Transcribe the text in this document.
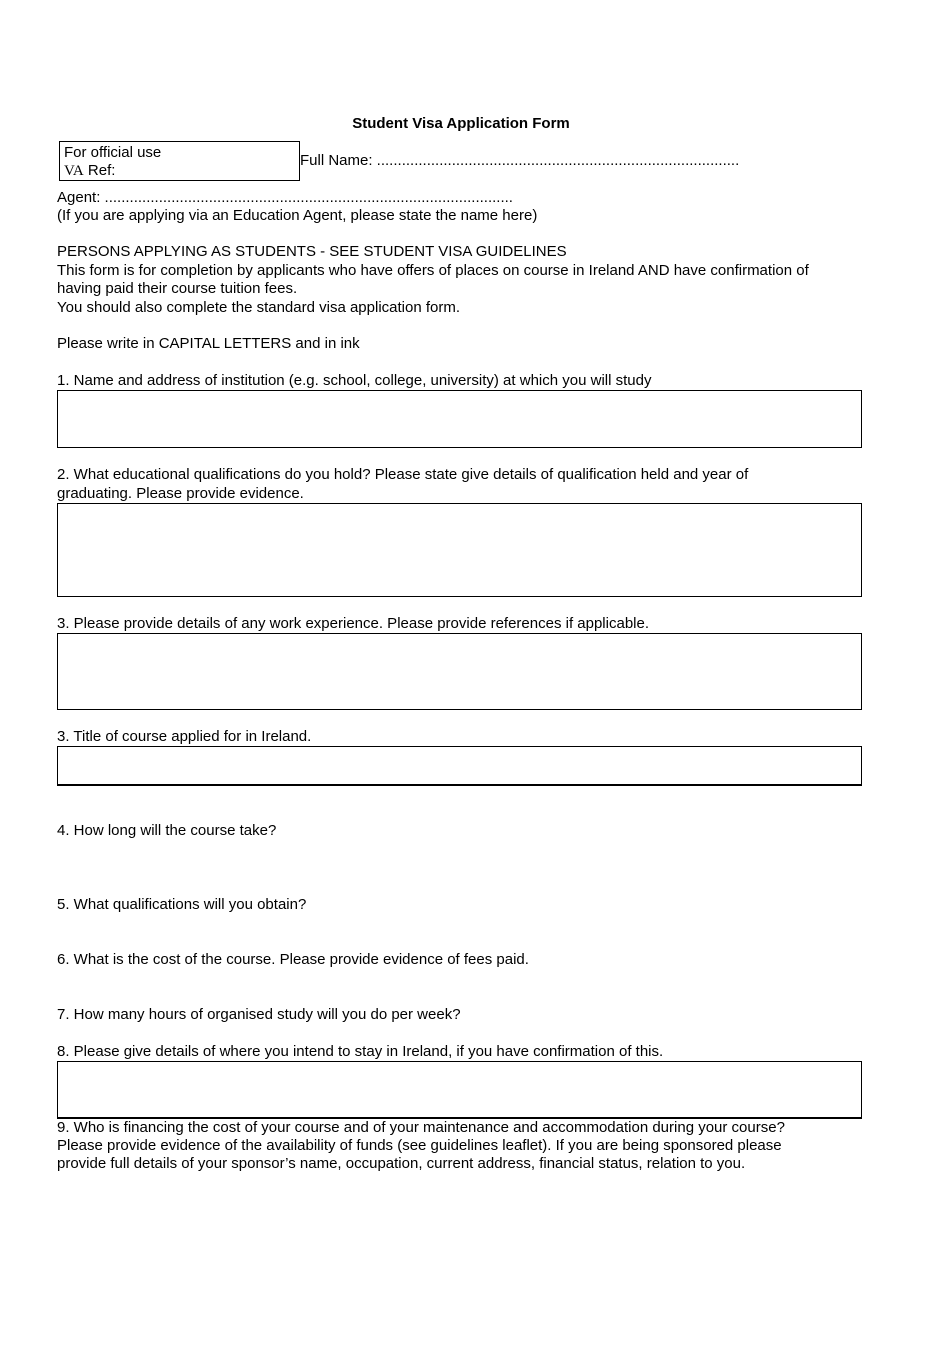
Student Visa Application Form
For official use
VA Ref:
Full Name: .......................................................................................
Agent: ..................................................................................................
(If you are applying via an Education Agent, please state the name here)
PERSONS APPLYING AS STUDENTS - SEE STUDENT VISA GUIDELINES
This form is for completion by applicants who have offers of places on course in Ireland AND have confirmation of
having paid their course tuition fees.
You should also complete the standard visa application form.
Please write in CAPITAL LETTERS and in ink
1. Name and address of institution (e.g. school, college, university) at which you will study
2. What educational qualifications do you hold? Please state give details of qualification held and year of
graduating. Please provide evidence.
3. Please provide details of any work experience. Please provide references if applicable.
3. Title of course applied for in Ireland.
4. How long will the course take?
5. What qualifications will you obtain?
6. What is the cost of the course. Please provide evidence of fees paid.
7. How many hours of organised study will you do per week?
8. Please give details of where you intend to stay in Ireland, if you have confirmation of this.
9. Who is financing the cost of your course and of your maintenance and accommodation during your course?
Please provide evidence of the availability of funds (see guidelines leaflet). If you are being sponsored please
provide full details of your sponsor’s name, occupation, current address, financial status, relation to you.
